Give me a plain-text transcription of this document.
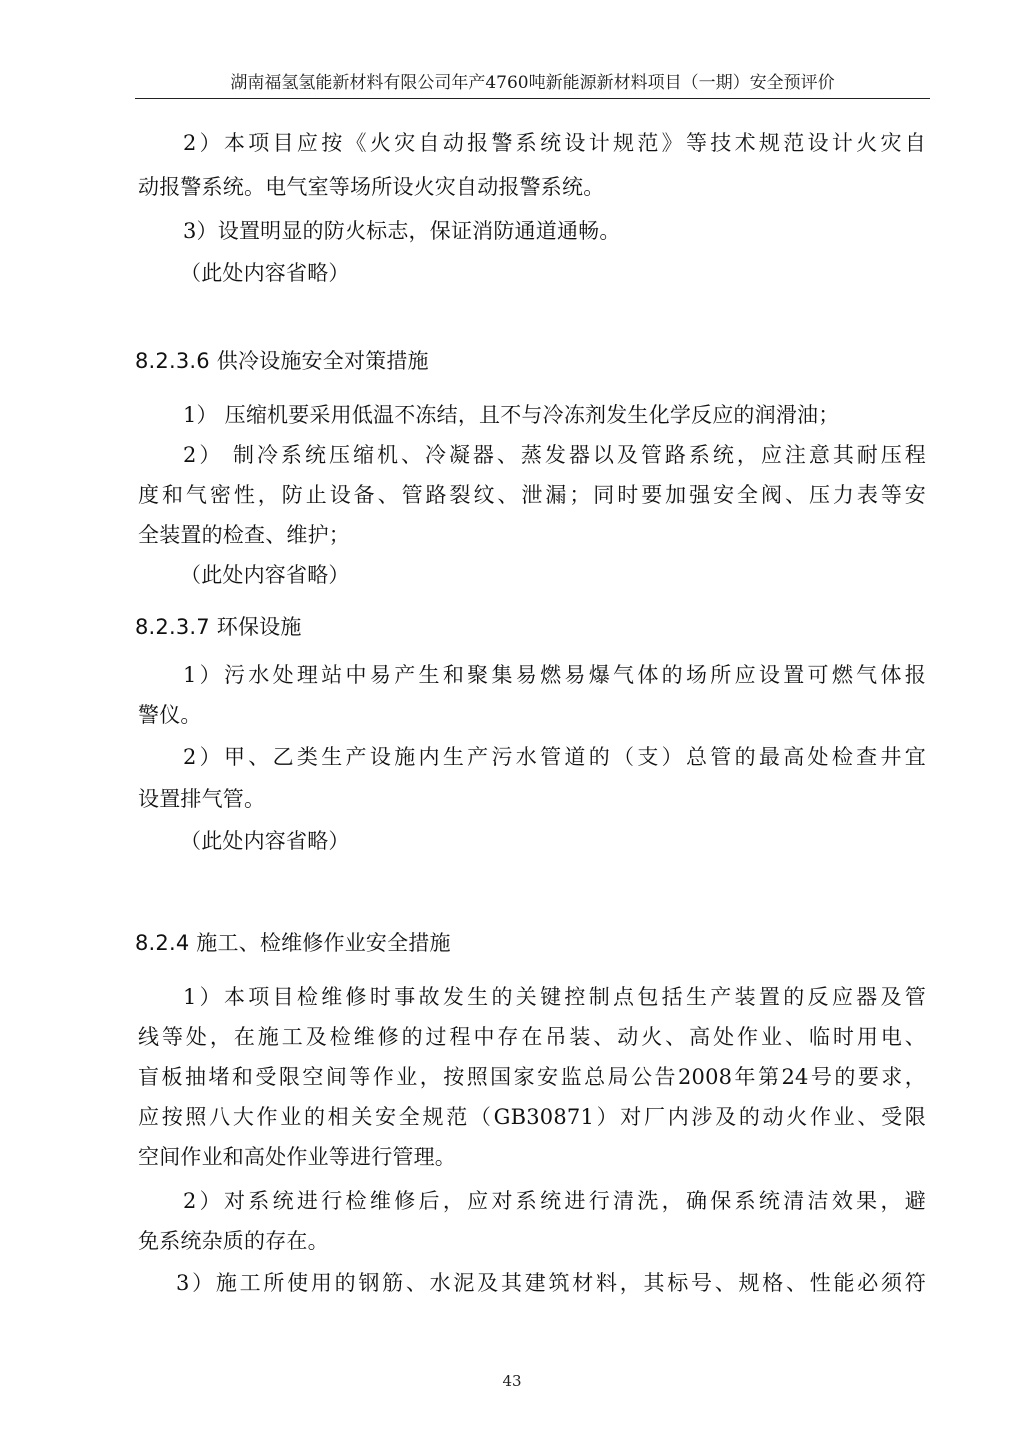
湖南福氢氢能新材料有限公司年产4760吨新能源新材料项目（一期）安全预评价
2）本项目应按《火灾自动报警系统设计规范》等技术规范设计火灾自
动报警系统。电气室等场所设火灾自动报警系统。
3）设置明显的防火标志，保证消防通道通畅。
（此处内容省略）
8.2.3.6 供冷设施安全对策措施
1） 压缩机要采用低温不冻结，且不与冷冻剂发生化学反应的润滑油；
2） 制冷系统压缩机、冷凝器、蒸发器以及管路系统，应注意其耐压程
度和气密性，防止设备、管路裂纹、泄漏；同时要加强安全阀、压力表等安
全装置的检查、维护；
（此处内容省略）
8.2.3.7 环保设施
1）污水处理站中易产生和聚集易燃易爆气体的场所应设置可燃气体报
警仪。
2）甲、乙类生产设施内生产污水管道的（支）总管的最高处检查井宜
设置排气管。
（此处内容省略）
8.2.4 施工、检维修作业安全措施
1）本项目检维修时事故发生的关键控制点包括生产装置的反应器及管
线等处，在施工及检维修的过程中存在吊装、动火、高处作业、临时用电、
盲板抽堵和受限空间等作业，按照国家安监总局公告2008年第24号的要求，
应按照八大作业的相关安全规范（GB30871）对厂内涉及的动火作业、受限
空间作业和高处作业等进行管理。
2）对系统进行检维修后，应对系统进行清洗，确保系统清洁效果，避
免系统杂质的存在。
3）施工所使用的钢筋、水泥及其建筑材料，其标号、规格、性能必须符
43
